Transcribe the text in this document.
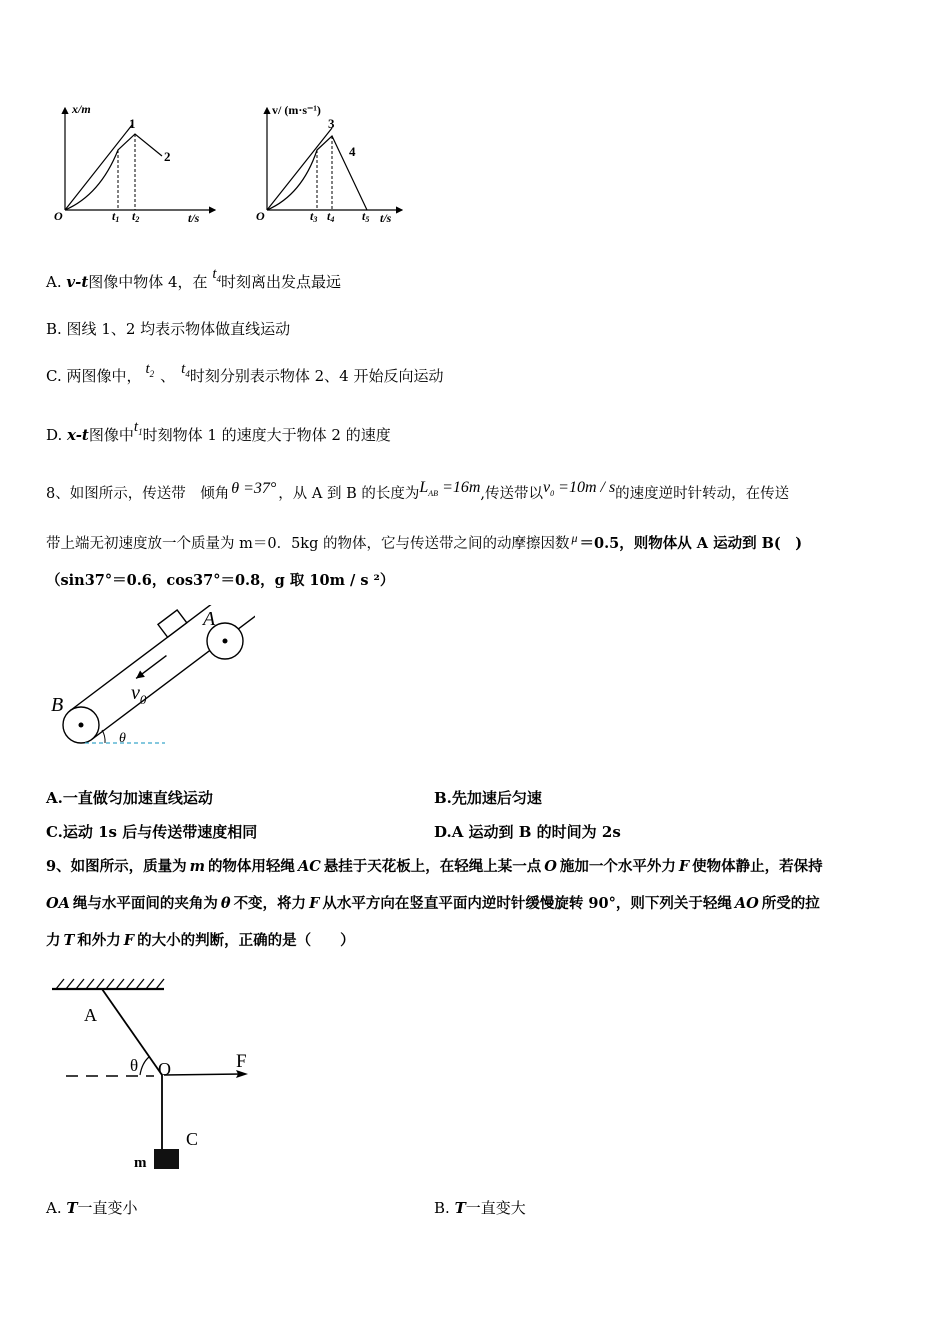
x/m
1
2
O	t1 t2	t/s
v/ (m·s⁻¹)
3
4
O	t3 t4 t5 t/s
A. v-t图像中物体 4，在 $t_4$时刻离出发点最远
B. 图线 1、2 均表示物体做直线运动
C. 两图像中， $t_2$ 、 $t_4$时刻分别表示物体 2、4 开始反向运动
D. x-t图像中$t_1$时刻物体 1 的速度大于物体 2 的速度
8、如图所示，传送带　倾角 θ =37° ，从 A 到 B 的长度为$L_{AB} =16m$,传送带以$v_0 =10m / s$的速度逆时针转动，在传送
带上端无初速度放一个质量为 m＝0．5kg 的物体，它与传送带之间的动摩擦因数 $^\mu$ ＝0.5，则物体从 A 运动到 B(　)
（sin37°＝0.6，cos37°＝0.8，g 取 10m / s ²）
A
B
$v_0$
θ
A.一直做匀加速直线运动	B.先加速后匀速
C.运动 1s 后与传送带速度相同	D.A 运动到 B 的时间为 2s
9、如图所示，质量为 m 的物体用轻绳 AC 悬挂于天花板上，在轻绳上某一点 O 施加一个水平外力 F 使物体静止，若保持
OA 绳与水平面间的夹角为 θ 不变，将力 F 从水平方向在竖直平面内逆时针缓慢旋转 90°，则下列关于轻绳 AO 所受的拉
力 T 和外力 F 的大小的判断，正确的是（　　）
A
θ O	F
C
m
A. T一直变小	B. T一直变大
